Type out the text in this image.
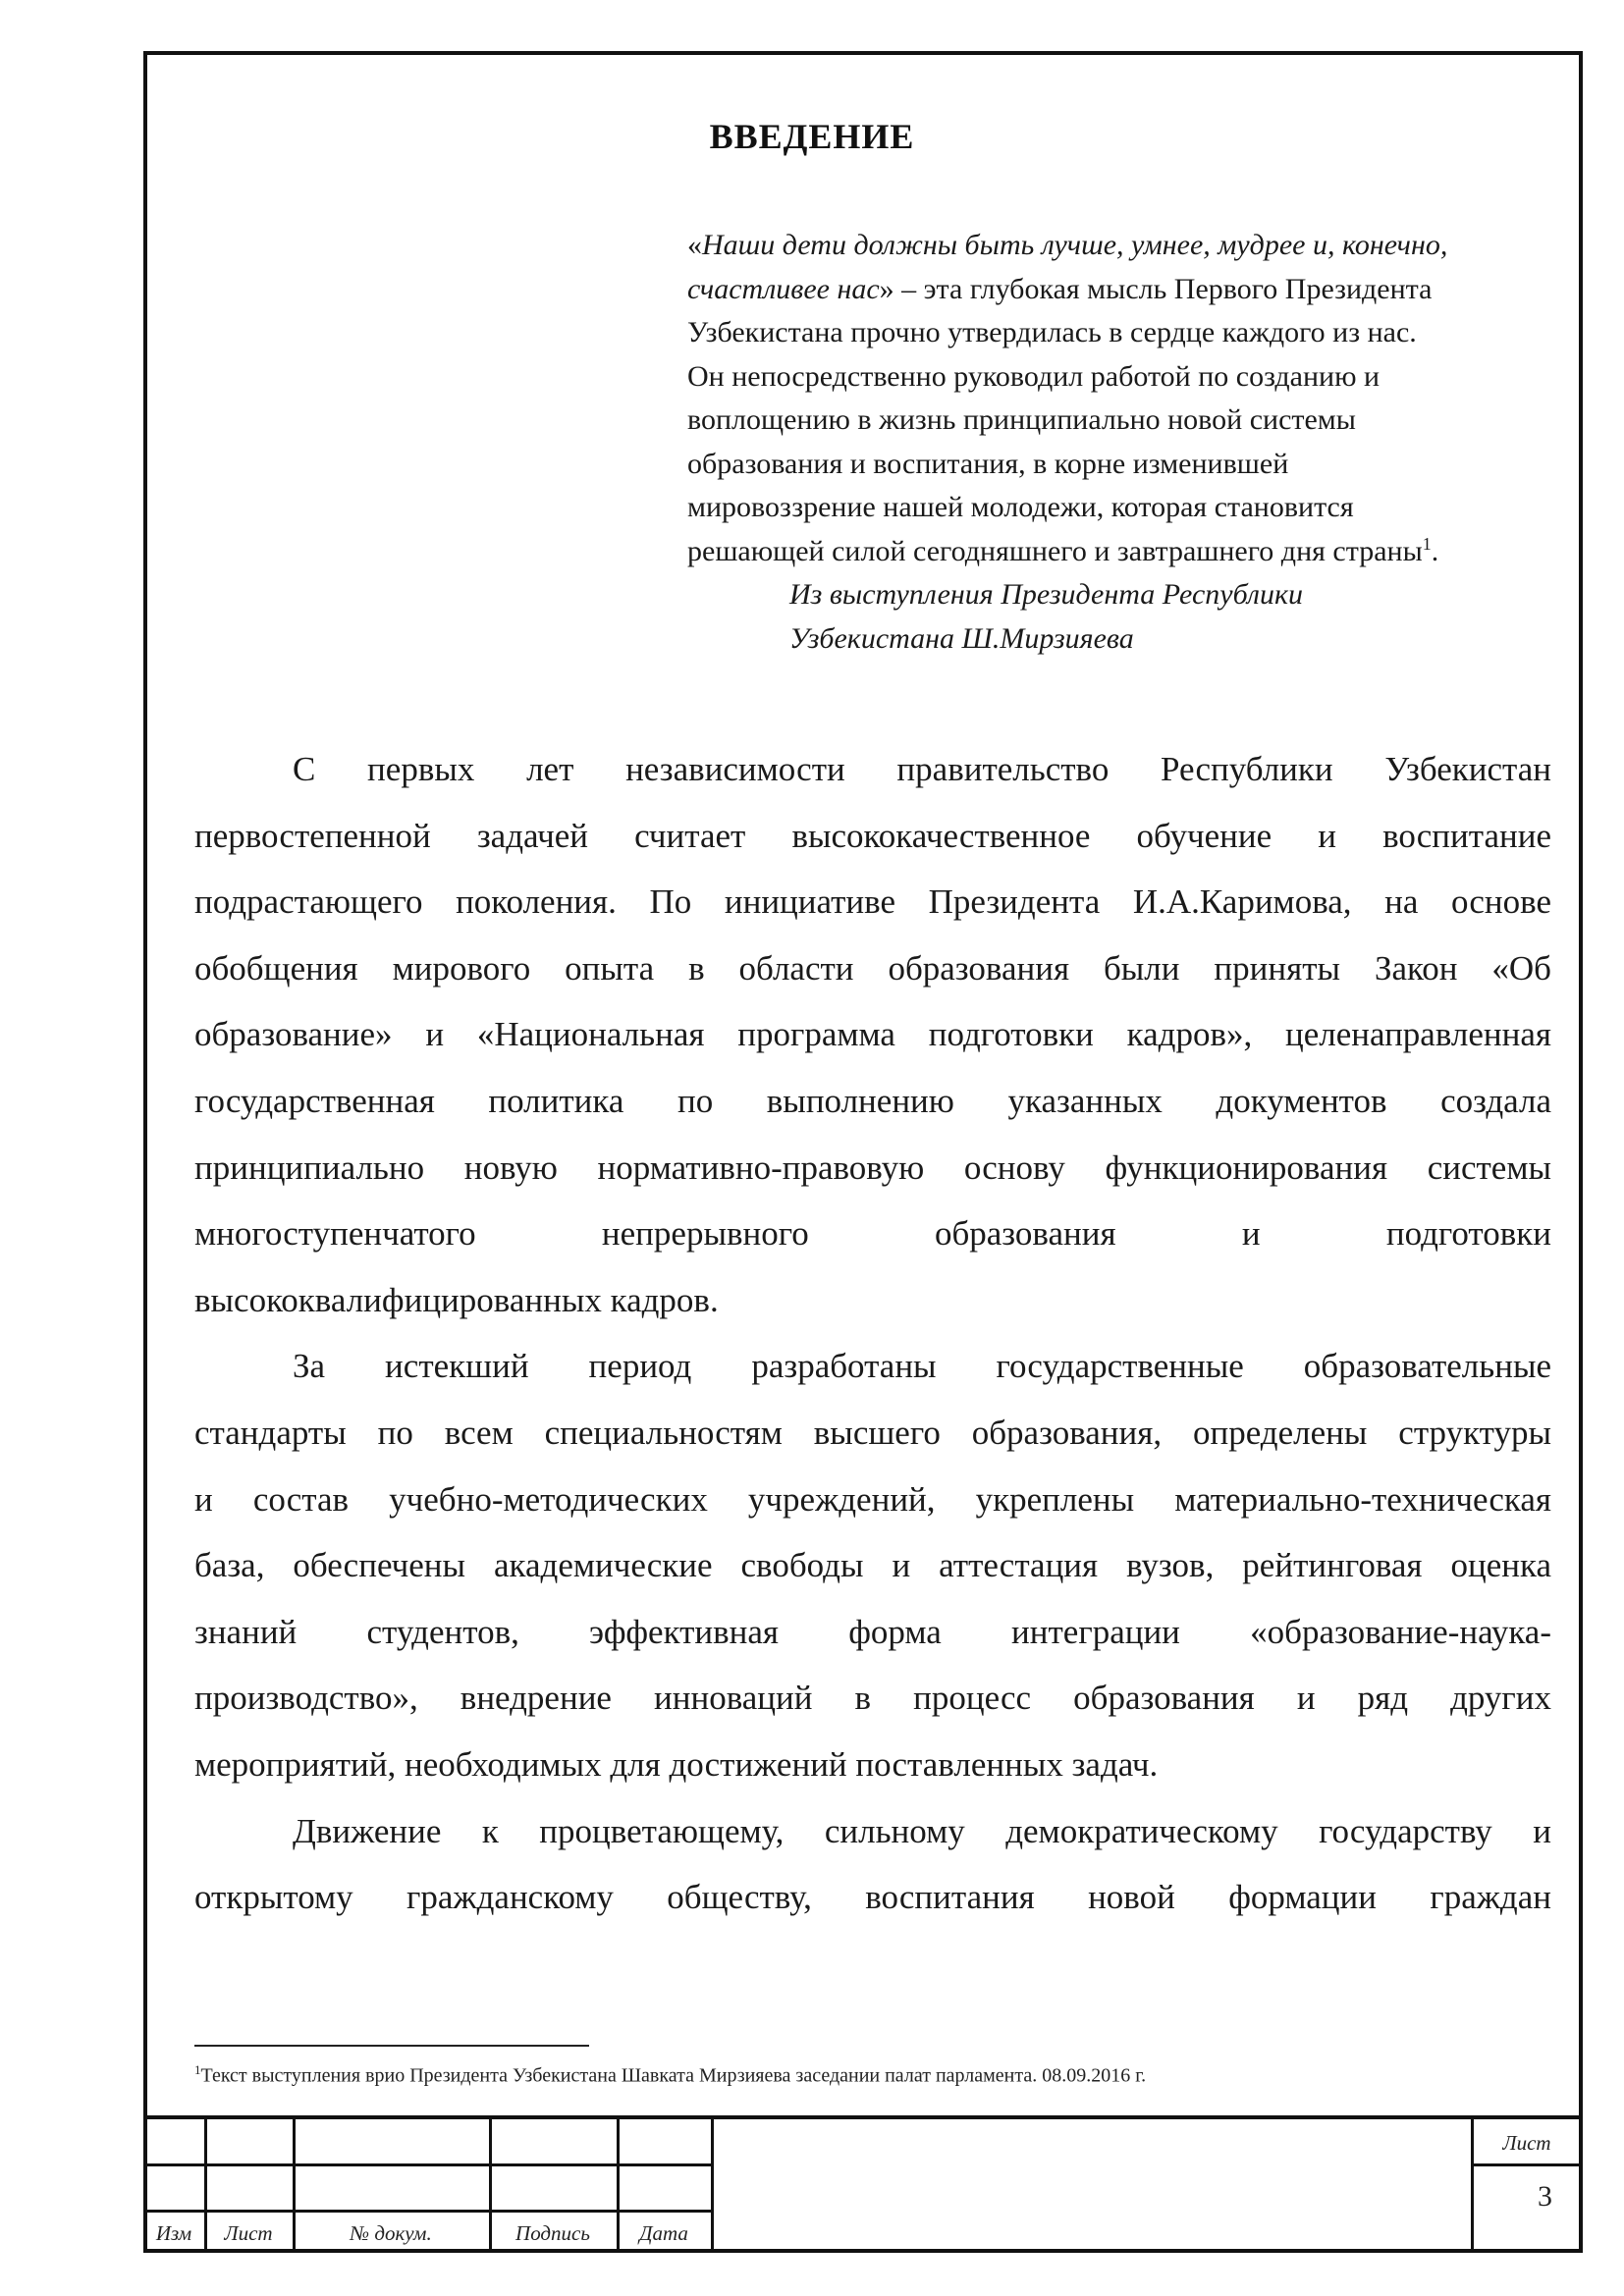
ВВЕДЕНИЕ

«Наши дети должны быть лучше, умнее, мудрее и, конечно,

счастливее нас» – эта глубокая мысль Первого Президента

Узбекистана прочно утвердилась в сердце каждого из нас.

Он непосредственно руководил работой по созданию и

воплощению в жизнь принципиально новой системы

образования и воспитания, в корне изменившей

мировоззрение нашей молодежи, которая становится

решающей силой сегодняшнего и завтрашнего дня страны$^1$.

Из выступления Президента Республики

Узбекистана Ш.Мирзияева

С первых лет независимости правительство Республики Узбекистан
первостепенной задачей считает высококачественное обучение и воспитание
подрастающего поколения. По инициативе Президента И.А.Каримова, на основе
обобщения мирового опыта в области образования были приняты Закон «Об
образование» и «Национальная программа подготовки кадров», целенаправленная
государственная политика по выполнению указанных документов создала
принципиально новую нормативно-правовую основу функционирования системы
многоступенчатого непрерывного образования и подготовки
высококвалифицированных кадров.
За истекший период разработаны государственные образовательные
стандарты по всем специальностям высшего образования, определены структуры
и состав учебно-методических учреждений, укреплены материально-техническая
база, обеспечены академические свободы и аттестация вузов, рейтинговая оценка
знаний студентов, эффективная форма интеграции «образование-наука-
производство», внедрение инноваций в процесс образования и ряд других
мероприятий, необходимых для достижений поставленных задач.
Движение к процветающему, сильному демократическому государству и
открытому гражданскому обществу, воспитания новой формации граждан
$^1$Текст выступления врио Президента Узбекистана Шавката Мирзияева заседании палат парламента. 08.09.2016 г.
Изм	Лист	№ докум.	Подпись	Дата
Лист
3
